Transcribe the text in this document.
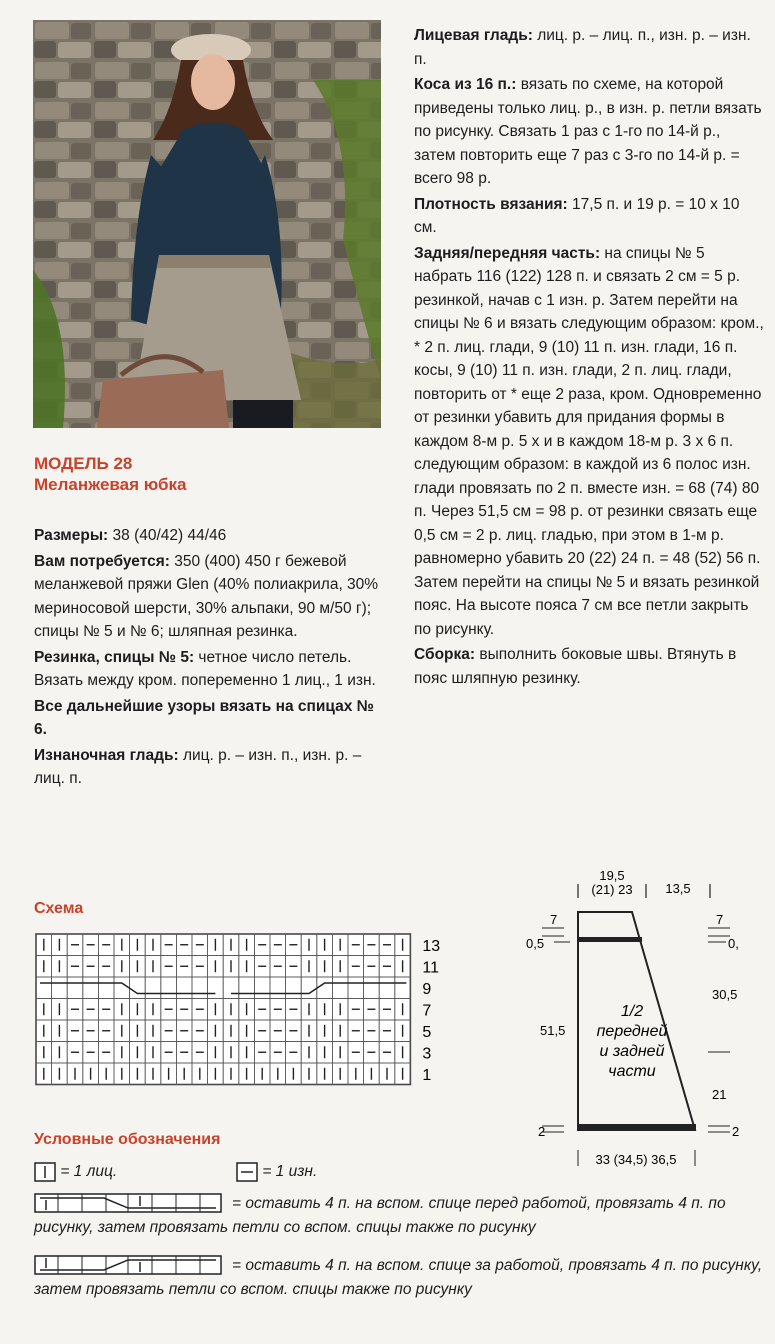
МОДЕЛЬ 28
Меланжевая юбка

Размеры: 38 (40/42) 44/46

Вам потребуется: 350 (400) 450 г бежевой меланжевой пряжи Glen (40% полиакрила, 30% мериносовой шерсти, 30% альпаки, 90 м/50 г); спицы № 5 и № 6; шляпная резинка.

Резинка, спицы № 5: четное число петель. Вязать между кром. попеременно 1 лиц., 1 изн.

Все дальнейшие узоры вязать на спицах № 6.

Изнаночная гладь: лиц. р. – изн. п., изн. р. – лиц. п.

Лицевая гладь: лиц. р. – лиц. п., изн. р. – изн. п.

Коса из 16 п.: вязать по схеме, на которой приведены только лиц. р., в изн. р. петли вязать по рисунку. Связать 1 раз с 1-го по 14-й р., затем повторить еще 7 раз с 3-го по 14-й р. = всего 98 р.

Плотность вязания: 17,5 п. и 19 р. = 10 х 10 см.

Задняя/передняя часть: на спицы № 5 набрать 116 (122) 128 п. и связать 2 см = 5 р. резинкой, начав с 1 изн. р. Затем перейти на спицы № 6 и вязать следующим образом: кром., * 2 п. лиц. глади, 9 (10) 11 п. изн. глади, 16 п. косы, 9 (10) 11 п. изн. глади, 2 п. лиц. глади, повторить от * еще 2 раза, кром. Одновременно от резинки убавить для придания формы в каждом 8-м р. 5 х и в каждом 18-м р. 3 х 6 п. следующим образом: в каждой из 6 полос изн. глади провязать по 2 п. вместе изн. = 68 (74) 80 п. Через 51,5 см = 98 р. от резинки связать еще 0,5 см = 2 р. лиц. гладью, при этом в 1-м р. равномерно убавить 20 (22) 24 п. = 48 (52) 56 п. Затем перейти на спицы № 5 и вязать резинкой пояс. На высоте пояса 7 см все петли закрыть по рисунку.

Сборка: выполнить боковые швы. Втянуть в пояс шляпную резинку.

Схема
13
11
9
7
5
3
1
19,5
(21) 23	13,5
7
0,5
51,5
2
7
0,
30,5
21
2
33 (34,5) 36,5
1/2 передней и задней части
Условные обозначения
= 1 лиц.	= 1 изн.
= оставить 4 п. на вспом. спице перед работой, провязать 4 п. по рисунку, затем провязать петли со вспом. спицы также по рисунку
= оставить 4 п. на вспом. спице за работой, провязать 4 п. по рисунку, затем провязать петли со вспом. спицы также по рисунку
